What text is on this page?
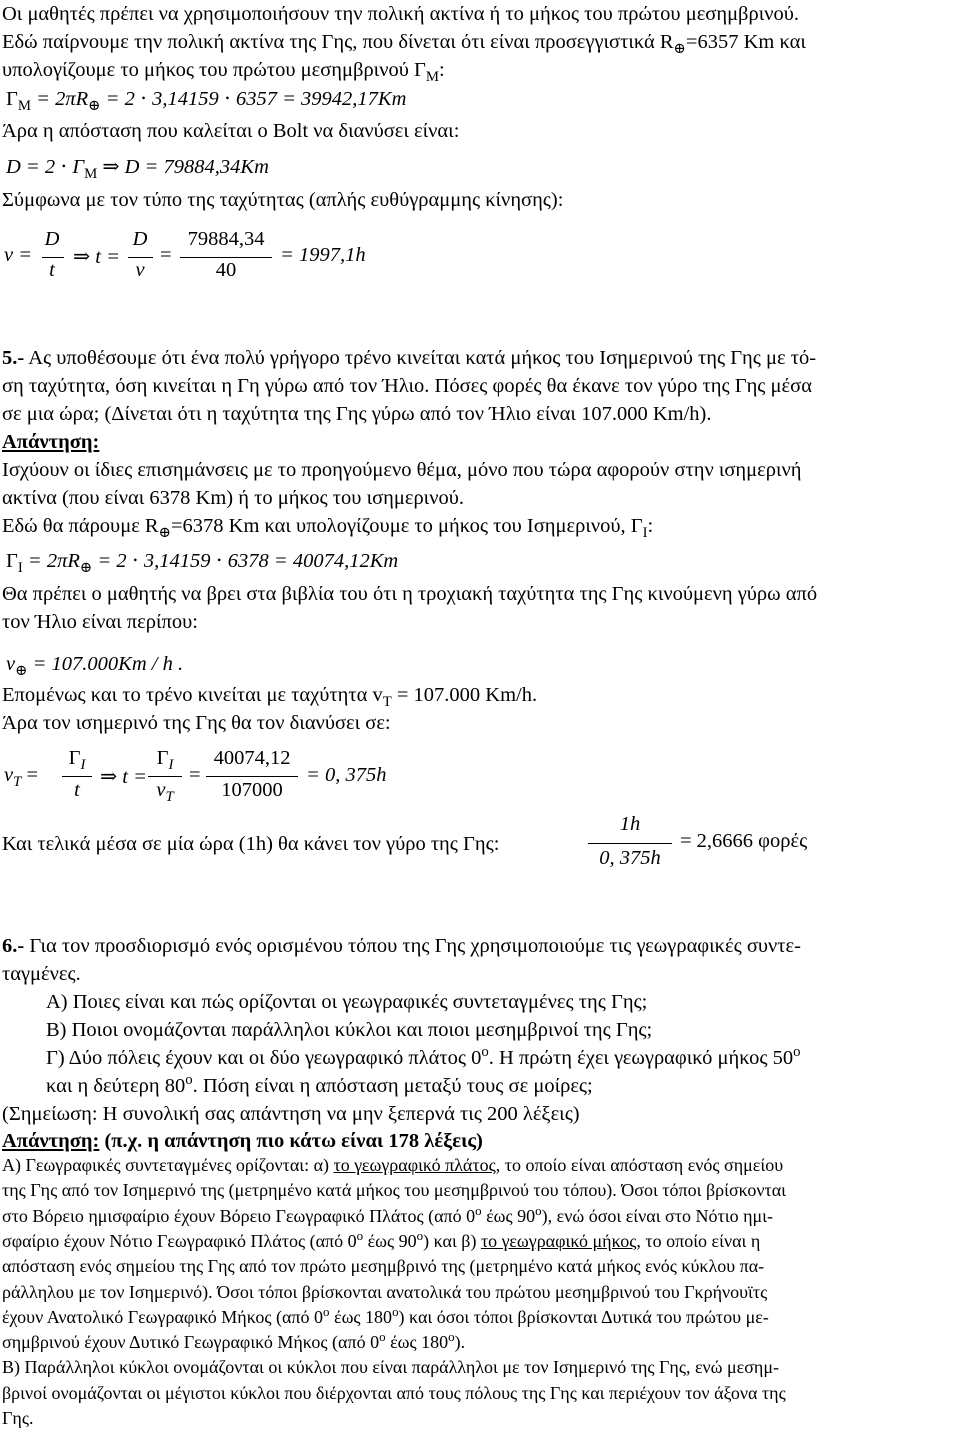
Οι μαθητές πρέπει να χρησιμοποιήσουν την πολική ακτίνα ή το μήκος του πρώτου μεσημβρινού.
Εδώ παίρνουμε την πολική ακτίνα της Γης, που δίνεται ότι είναι προσεγγιστικά $R_\oplus=6357$ Km και
υπολογίζουμε το μήκος του πρώτου μεσημβρινού $\Gamma_M$:
$\Gamma_M = 2\pi R_\oplus = 2 \cdot 3,14159 \cdot 6357 = 39942,17Km$
Άρα η απόσταση που καλείται ο Bolt να διανύσει είναι:
$D = 2 \cdot \Gamma_M$ ⇒ D = 79884,34Km
Σύμφωνα με τον τύπο της ταχύτητας (απλής ευθύγραμμης κίνησης):
v =
D
t
⇒ t =
D
v
=
79884,34
40
= 1997,1h
5.- Ας υποθέσουμε ότι ένα πολύ γρήγορο τρένο κινείται κατά μήκος του Ισημερινού της Γης με τό-
ση ταχύτητα, όση κινείται η Γη γύρω από τον Ήλιο. Πόσες φορές θα έκανε τον γύρο της Γης μέσα
σε μια ώρα; (Δίνεται ότι η ταχύτητα της Γης γύρω από τον Ήλιο είναι 107.000 Km/h).
Απάντηση:
Ισχύουν οι ίδιες επισημάνσεις με το προηγούμενο θέμα, μόνο που τώρα αφορούν στην ισημερινή
ακτίνα (που είναι 6378 Km) ή το μήκος του ισημερινού.
Εδώ θα πάρουμε $R_\oplus=6378$ Km και υπολογίζουμε το μήκος του Ισημερινού, $\Gamma_I$:
$\Gamma_I = 2\pi R_\oplus = 2 \cdot 3,14159 \cdot 6378 = 40074,12Km$
Θα πρέπει ο μαθητής να βρει στα βιβλία του ότι η τροχιακή ταχύτητα της Γης κινούμενη γύρω από
τον Ήλιο είναι περίπου:
$v_\oplus = 107.000Km / h$ .
Επομένως και το τρένο κινείται με ταχύτητα $v_T = 107.000$ Km/h.
Άρα τον ισημερινό της Γης θα τον διανύσει σε:
$v_T$ =
$\Gamma_I$
t
⇒ t =
$\Gamma_I$
$v_T$
=
40074,12
107000
= 0, 375h
Και τελικά μέσα σε μία ώρα (1h) θα κάνει τον γύρο της Γης:
1h
0, 375h
= 2,6666 φορές
6.- Για τον προσδιορισμό ενός ορισμένου τόπου της Γης χρησιμοποιούμε τις γεωγραφικές συντε-
ταγμένες.
Α) Ποιες είναι και πώς ορίζονται οι γεωγραφικές συντεταγμένες της Γης;
Β) Ποιοι ονομάζονται παράλληλοι κύκλοι και ποιοι μεσημβρινοί της Γης;
Γ) Δύο πόλεις έχουν και οι δύο γεωγραφικό πλάτος $0^o$. Η πρώτη έχει γεωγραφικό μήκος $50^o$
και η δεύτερη $80^o$. Πόση είναι η απόσταση μεταξύ τους σε μοίρες;
(Σημείωση: Η συνολική σας απάντηση να μην ξεπερνά τις 200 λέξεις)
Απάντηση: (π.χ. η απάντηση πιο κάτω είναι 178 λέξεις)
Α) Γεωγραφικές συντεταγμένες ορίζονται: α) το γεωγραφικό πλάτος, το οποίο είναι απόσταση ενός σημείου
της Γης από τον Ισημερινό της (μετρημένο κατά μήκος του μεσημβρινού του τόπου). Όσοι τόποι βρίσκονται
στο Βόρειο ημισφαίριο έχουν Βόρειο Γεωγραφικό Πλάτος (από $0^o$ έως $90^o$), ενώ όσοι είναι στο Νότιο ημι-
σφαίριο έχουν Νότιο Γεωγραφικό Πλάτος (από $0^o$ έως $90^o$) και β) το γεωγραφικό μήκος, το οποίο είναι η
απόσταση ενός σημείου της Γης από τον πρώτο μεσημβρινό της (μετρημένο κατά μήκος ενός κύκλου πα-
ράλληλου με τον Ισημερινό). Όσοι τόποι βρίσκονται ανατολικά του πρώτου μεσημβρινού του Γκρήνουϊτς
έχουν Ανατολικό Γεωγραφικό Μήκος (από $0^o$ έως $180^o$) και όσοι τόποι βρίσκονται Δυτικά του πρώτου με-
σημβρινού έχουν Δυτικό Γεωγραφικό Μήκος (από $0^o$ έως $180^o$).
Β) Παράλληλοι κύκλοι ονομάζονται οι κύκλοι που είναι παράλληλοι με τον Ισημερινό της Γης, ενώ μεσημ-
βρινοί ονομάζονται οι μέγιστοι κύκλοι που διέρχονται από τους πόλους της Γης και περιέχουν τον άξονα της
Γης.
